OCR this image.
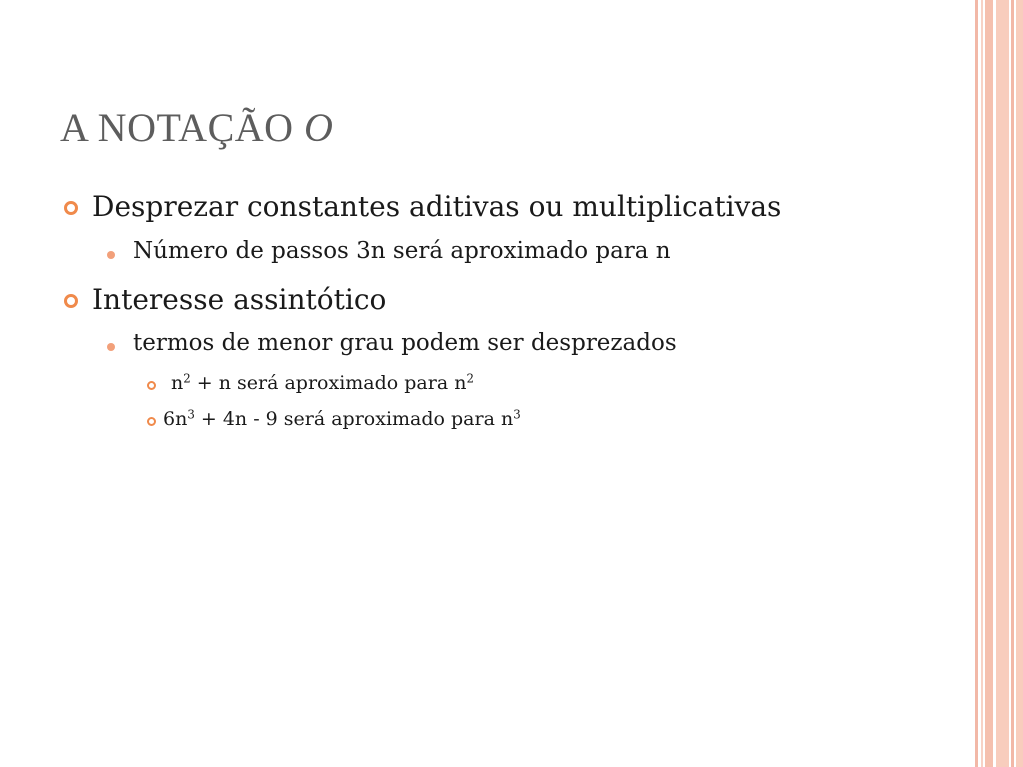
A NOTAÇÃO O
Desprezar constantes aditivas ou multiplicativas
Número de passos 3n será aproximado para n
Interesse assintótico
termos de menor grau podem ser desprezados
$n^2 + n$ será aproximado para $n^2$
$6n^3 + 4n - 9$ será aproximado para $n^3$
